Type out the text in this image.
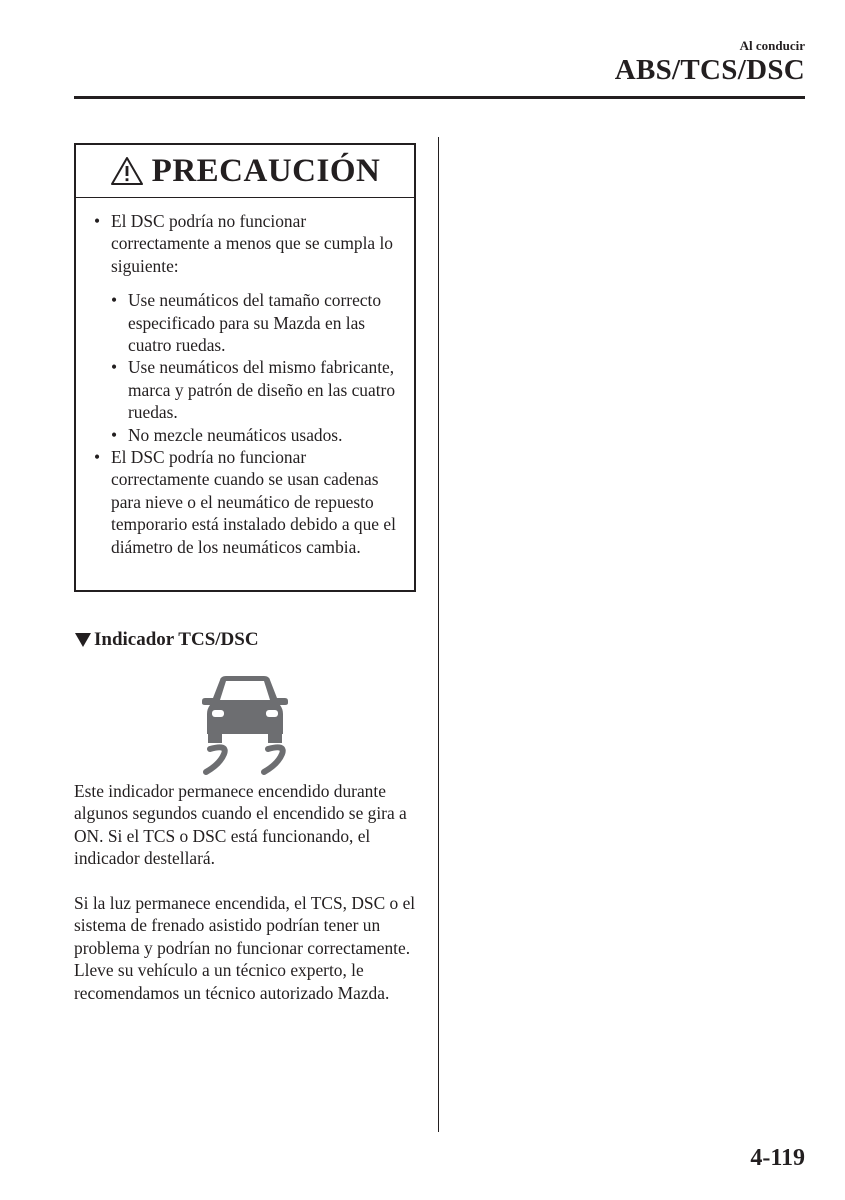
Al conducir
ABS/TCS/DSC
PRECAUCIÓN
• El DSC podría no funcionar correctamente a menos que se cumpla lo siguiente:
• Use neumáticos del tamaño correcto especificado para su Mazda en las cuatro ruedas.
• Use neumáticos del mismo fabricante, marca y patrón de diseño en las cuatro ruedas.
• No mezcle neumáticos usados.
• El DSC podría no funcionar correctamente cuando se usan cadenas para nieve o el neumático de repuesto temporario está instalado debido a que el diámetro de los neumáticos cambia.
Indicador TCS/DSC
Este indicador permanece encendido durante algunos segundos cuando el encendido se gira a ON. Si el TCS o DSC está funcionando, el indicador destellará.
Si la luz permanece encendida, el TCS, DSC o el sistema de frenado asistido podrían tener un problema y podrían no funcionar correctamente. Lleve su vehículo a un técnico experto, le recomendamos un técnico autorizado Mazda.
4-119
